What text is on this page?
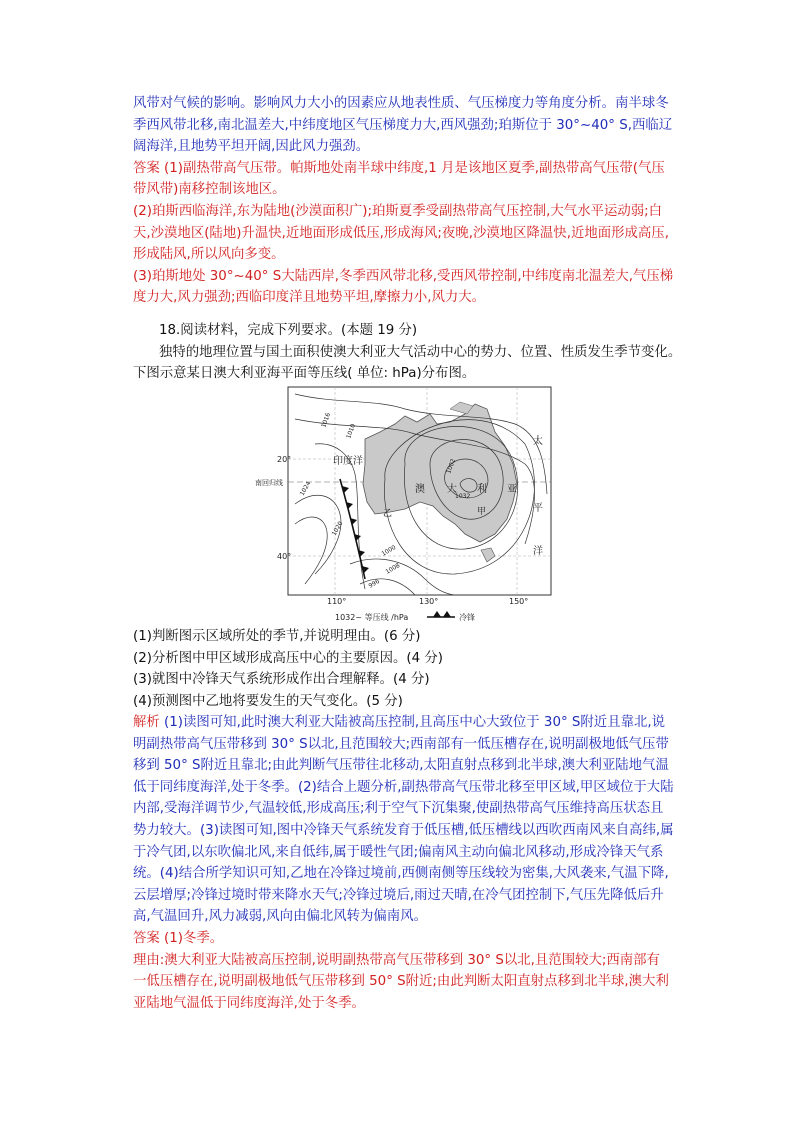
风带对气候的影响。影响风力大小的因素应从地表性质、气压梯度力等角度分析。南半球冬

季西风带北移,南北温差大,中纬度地区气压梯度力大,西风强劲;珀斯位于 30°~40° S,西临辽

阔海洋,且地势平坦开阔,因此风力强劲。

答案 (1)副热带高气压带。帕斯地处南半球中纬度,1 月是该地区夏季,副热带高气压带(气压

带风带)南移控制该地区。

(2)珀斯西临海洋,东为陆地(沙漠面积广);珀斯夏季受副热带高气压控制,大气水平运动弱;白

天,沙漠地区(陆地)升温快,近地面形成低压,形成海风;夜晚,沙漠地区降温快,近地面形成高压,

形成陆风,所以风向多变。

(3)珀斯地处 30°~40° S大陆西岸,冬季西风带北移,受西风带控制,中纬度南北温差大,气压梯

度力大,风力强劲;西临印度洋且地势平坦,摩擦力小,风力大。

18.阅读材料，完成下列要求。(本题 19 分)

独特的地理位置与国土面积使澳大利亚大气活动中心的势力、位置、性质发生季节变化。

下图示意某日澳大利亚海平面等压线( 单位: hPa)分布图。

20°
40°
南回归线
110°	130°	150°
印度洋
澳 大 利 亚
太
平
洋
甲
乙
1016
1010
1024
1020
1002
1032
1000
996
1008
1032~ 等压线 /hPa	冷锋

(1)判断图示区域所处的季节,并说明理由。(6 分)

(2)分析图中甲区域形成高压中心的主要原因。(4 分)

(3)就图中冷锋天气系统形成作出合理解释。(4 分)

(4)预测图中乙地将要发生的天气变化。(5 分)

解析 (1)读图可知,此时澳大利亚大陆被高压控制,且高压中心大致位于 30° S附近且靠北,说

明副热带高气压带移到 30° S以北,且范围较大;西南部有一低压槽存在,说明副极地低气压带

移到 50° S附近且靠北;由此判断气压带往北移动,太阳直射点移到北半球,澳大利亚陆地气温

低于同纬度海洋,处于冬季。(2)结合上题分析,副热带高气压带北移至甲区域,甲区域位于大陆

内部,受海洋调节少,气温较低,形成高压;利于空气下沉集聚,使副热带高气压维持高压状态且

势力较大。(3)读图可知,图中冷锋天气系统发育于低压槽,低压槽线以西吹西南风来自高纬,属

于冷气团,以东吹偏北风,来自低纬,属于暖性气团;偏南风主动向偏北风移动,形成冷锋天气系

统。(4)结合所学知识可知,乙地在冷锋过境前,西侧南侧等压线较为密集,大风袭来,气温下降,

云层增厚;冷锋过境时带来降水天气;冷锋过境后,雨过天晴,在冷气团控制下,气压先降低后升

高,气温回升,风力减弱,风向由偏北风转为偏南风。

答案 (1)冬季。

理由:澳大利亚大陆被高压控制,说明副热带高气压带移到 30° S以北,且范围较大;西南部有

一低压槽存在,说明副极地低气压带移到 50° S附近;由此判断太阳直射点移到北半球,澳大利

亚陆地气温低于同纬度海洋,处于冬季。
